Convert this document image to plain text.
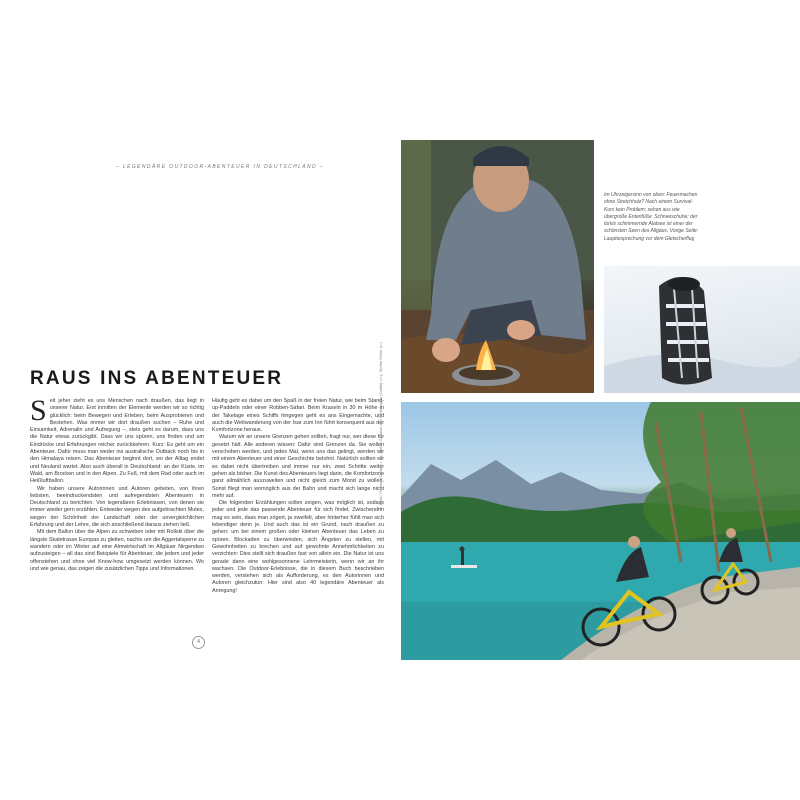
– LEGENDÄRE OUTDOOR-ABENTEUER IN DEUTSCHLAND –
RAUS INS ABENTEUER

Seit jeher zieht es uns Menschen nach draußen, das liegt in unserer Natur. Erst inmitten der Elemente werden wir so richtig glücklich: beim Bewegen und Erleben, beim Ausprobieren und Bestehen. Was immer wir dort draußen suchen – Ruhe und Einsamkeit, Adrenalin und Aufregung –, stets geht es darum, dass uns die Natur etwas zurückgibt. Dass wir uns spüren, uns finden und um Eindrücke und Erfahrungen reicher zurückkehren. Kurz: Es geht um ein Abenteuer. Dafür muss man weder ins australische Outback noch bis in den Himalaya reisen. Das Abenteuer beginnt dort, wo der Alltag endet und Neuland wartet. Also auch überall in Deutschland: an der Küste, im Wald, am Brocken und in den Alpen. Zu Fuß, mit dem Rad oder auch im Heißluftballon.

Wir haben unsere Autorinnen und Autoren gebeten, von ihren liebsten, beeindruckendsten und aufregendsten Abenteuern in Deutschland zu berichten. Von legendären Erlebnissen, von denen sie immer wieder gern erzählen. Entweder wegen des aufgebrachten Mutes, wegen der Schönheit der Landschaft oder der unvergleichlichen Erfahrung und der Lehre, die sich anschließend daraus ziehen ließ.

Mit dem Ballon über die Alpen zu schweben oder mit Rollski über die längste Skatetrasse Europas zu gleiten, nachts um die Aggertalsperre zu wandern oder im Winter auf eine Almwirtschaft im Allgäuer Nirgendwo aufzusteigen – all das sind Beispiele für Abenteuer, die jedem und jeder offenstehen und ohne viel Know-how umgesetzt werden können. Wo und wie genau, das zeigen die zusätzlichen Tipps und Informationen.

Häufig geht es dabei um den Spaß in der freien Natur, wie beim Stand-up-Paddeln oder einer Robben-Safari. Beim Kraxeln in 30 m Höhe in der Takelage eines Schiffs hingegen geht es ans Eingemachte, und auch die Weitwanderung von der Isar zum Inn führt konsequent aus der Komfortzone heraus.

Warum wir an unsere Grenzen gehen sollten, fragt nur, wer diese für gesetzt hält. Alle anderen wissen: Dafür sind Grenzen da. Sie wollen verschoben werden, und jedes Mal, wenn uns das gelingt, werden wir mit einem Abenteuer und einer Geschichte belohnt. Natürlich sollten wir es dabei nicht übertreiben und immer nur ein, zwei Schritte weiter gehen als bisher. Die Kunst des Abenteuers liegt darin, die Komfortzone ganz allmählich auszuweiten und nicht gleich zum Mond zu wollen. Sonst fliegt man womöglich aus der Bahn und macht sich lange nicht mehr auf.

Die folgenden Erzählungen sollen zeigen, was möglich ist, sodass jeder und jede das passende Abenteuer für sich findet. Zwischendrin mag es sein, dass man zögert, ja zweifelt, aber hinterher fühlt man sich lebendiger denn je. Und auch das ist ein Grund, nach draußen zu gehen: um bei einem großen oder kleinen Abenteuer das Leben zu spüren. Blockaden zu überwinden, sich Ängsten zu stellen, mit Gewohnheiten zu brechen und auf gewohnte Annehmlichkeiten zu verzichten: Dies stellt sich draußen fast von allein ein. Die Natur ist uns gerade dann eine wohlgesonnene Lehrmeisterin, wenn wir an ihr wachsen. Die Outdoor-Erlebnisse, die in diesem Buch beschrieben werden, verstehen sich als Aufforderung, es den Autorinnen und Autoren gleichzutun: Hier sind also 40 legendäre Abenteuer als Anregung!

4
© Julian Thomas (Ostfal) u. li.); Stefan Schulze von Sternflügeln (Ostfal) u.r.); Stefan Roller (o.)
Im Uhrzeigersinn von oben: Feuermachen ohne Streichholz? Nach einem Survival-Kurs kein Problem; sehen aus wie übergroße Entenfüße: Schneeschuhe; der türkis schimmernde Alatsee ist einer der schönsten Seen des Allgäus. Vorige Seite: Laupbesprechung vor dem Gletscherflug
